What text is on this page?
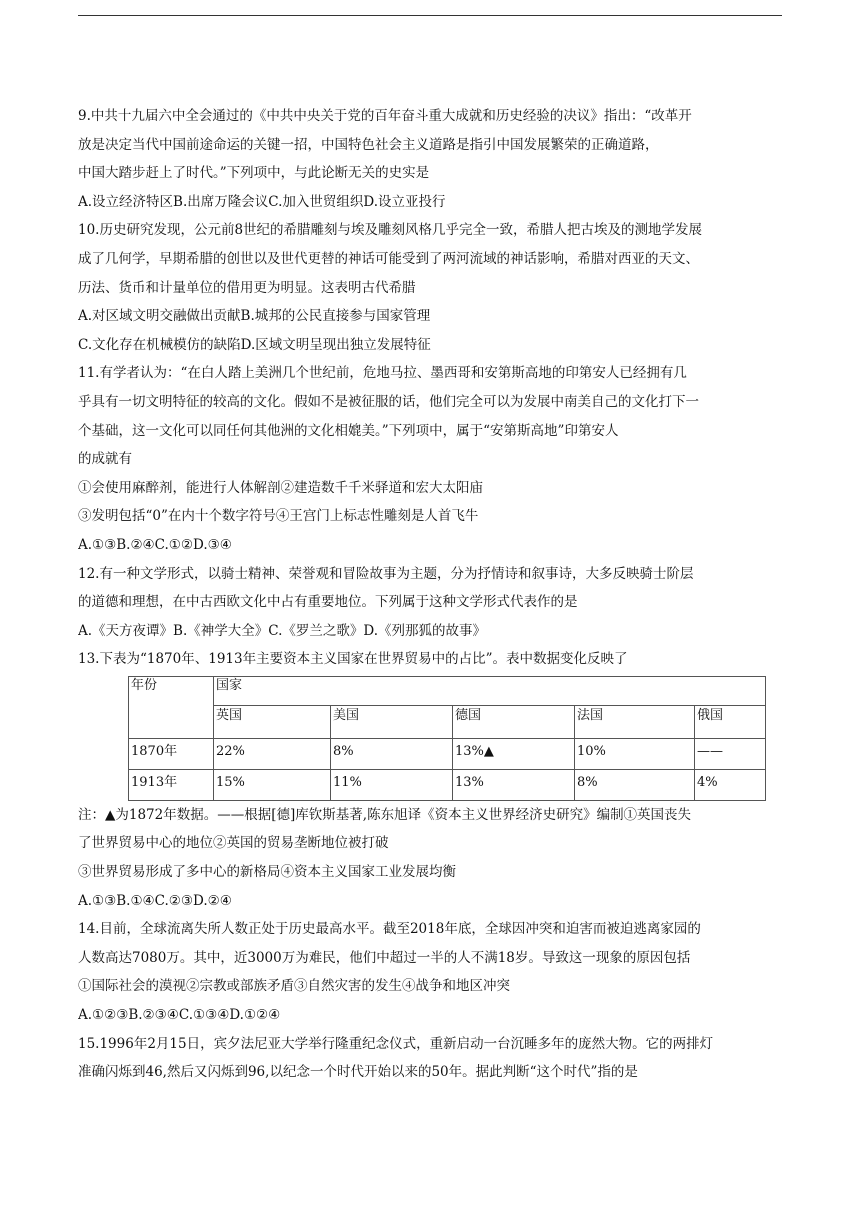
9.中共十九届六中全会通过的《中共中央关于党的百年奋斗重大成就和历史经验的决议》指出：“改革开
放是决定当代中国前途命运的关键一招，中国特色社会主义道路是指引中国发展繁荣的正确道路，
中国大踏步赶上了时代。”下列项中，与此论断无关的史实是
A.设立经济特区B.出席万隆会议C.加入世贸组织D.设立亚投行
10.历史研究发现，公元前8世纪的希腊雕刻与埃及雕刻风格几乎完全一致，希腊人把古埃及的测地学发展
成了几何学，早期希腊的创世以及世代更替的神话可能受到了两河流域的神话影响，希腊对西亚的天文、
历法、货币和计量单位的借用更为明显。这表明古代希腊
A.对区域文明交融做出贡献B.城邦的公民直接参与国家管理
C.文化存在机械模仿的缺陷D.区域文明呈现出独立发展特征
11.有学者认为：“在白人踏上美洲几个世纪前，危地马拉、墨西哥和安第斯高地的印第安人已经拥有几
乎具有一切文明特征的较高的文化。假如不是被征服的话，他们完全可以为发展中南美自己的文化打下一
个基础，这一文化可以同任何其他洲的文化相媲美。”下列项中，属于“安第斯高地”印第安人
的成就有
①会使用麻醉剂，能进行人体解剖②建造数千千米驿道和宏大太阳庙
③发明包括“0”在内十个数字符号④王宫门上标志性雕刻是人首飞牛
A.①③B.②④C.①②D.③④
12.有一种文学形式，以骑士精神、荣誉观和冒险故事为主题，分为抒情诗和叙事诗，大多反映骑士阶层
的道德和理想，在中古西欧文化中占有重要地位。下列属于这种文学形式代表作的是
A.《天方夜谭》B.《神学大全》C.《罗兰之歌》D.《列那狐的故事》
13.下表为“1870年、1913年主要资本主义国家在世界贸易中的占比”。表中数据变化反映了
年份	国家				
	英国	美国	德国	法国	俄国
1870年	22%	8%	13%▲	10%	——
1913年	15%	11%	13%	8%	4%
注：▲为1872年数据。——根据[德]库钦斯基著,陈东旭译《资本主义世界经济史研究》编制①英国丧失
了世界贸易中心的地位②英国的贸易垄断地位被打破
③世界贸易形成了多中心的新格局④资本主义国家工业发展均衡
A.①③B.①④C.②③D.②④
14.目前，全球流离失所人数正处于历史最高水平。截至2018年底，全球因冲突和迫害而被迫逃离家园的
人数高达7080万。其中，近3000万为难民，他们中超过一半的人不满18岁。导致这一现象的原因包括
①国际社会的漠视②宗教或部族矛盾③自然灾害的发生④战争和地区冲突
A.①②③B.②③④C.①③④D.①②④
15.1996年2月15日，宾夕法尼亚大学举行隆重纪念仪式，重新启动一台沉睡多年的庞然大物。它的两排灯
准确闪烁到46,然后又闪烁到96,以纪念一个时代开始以来的50年。据此判断“这个时代”指的是
